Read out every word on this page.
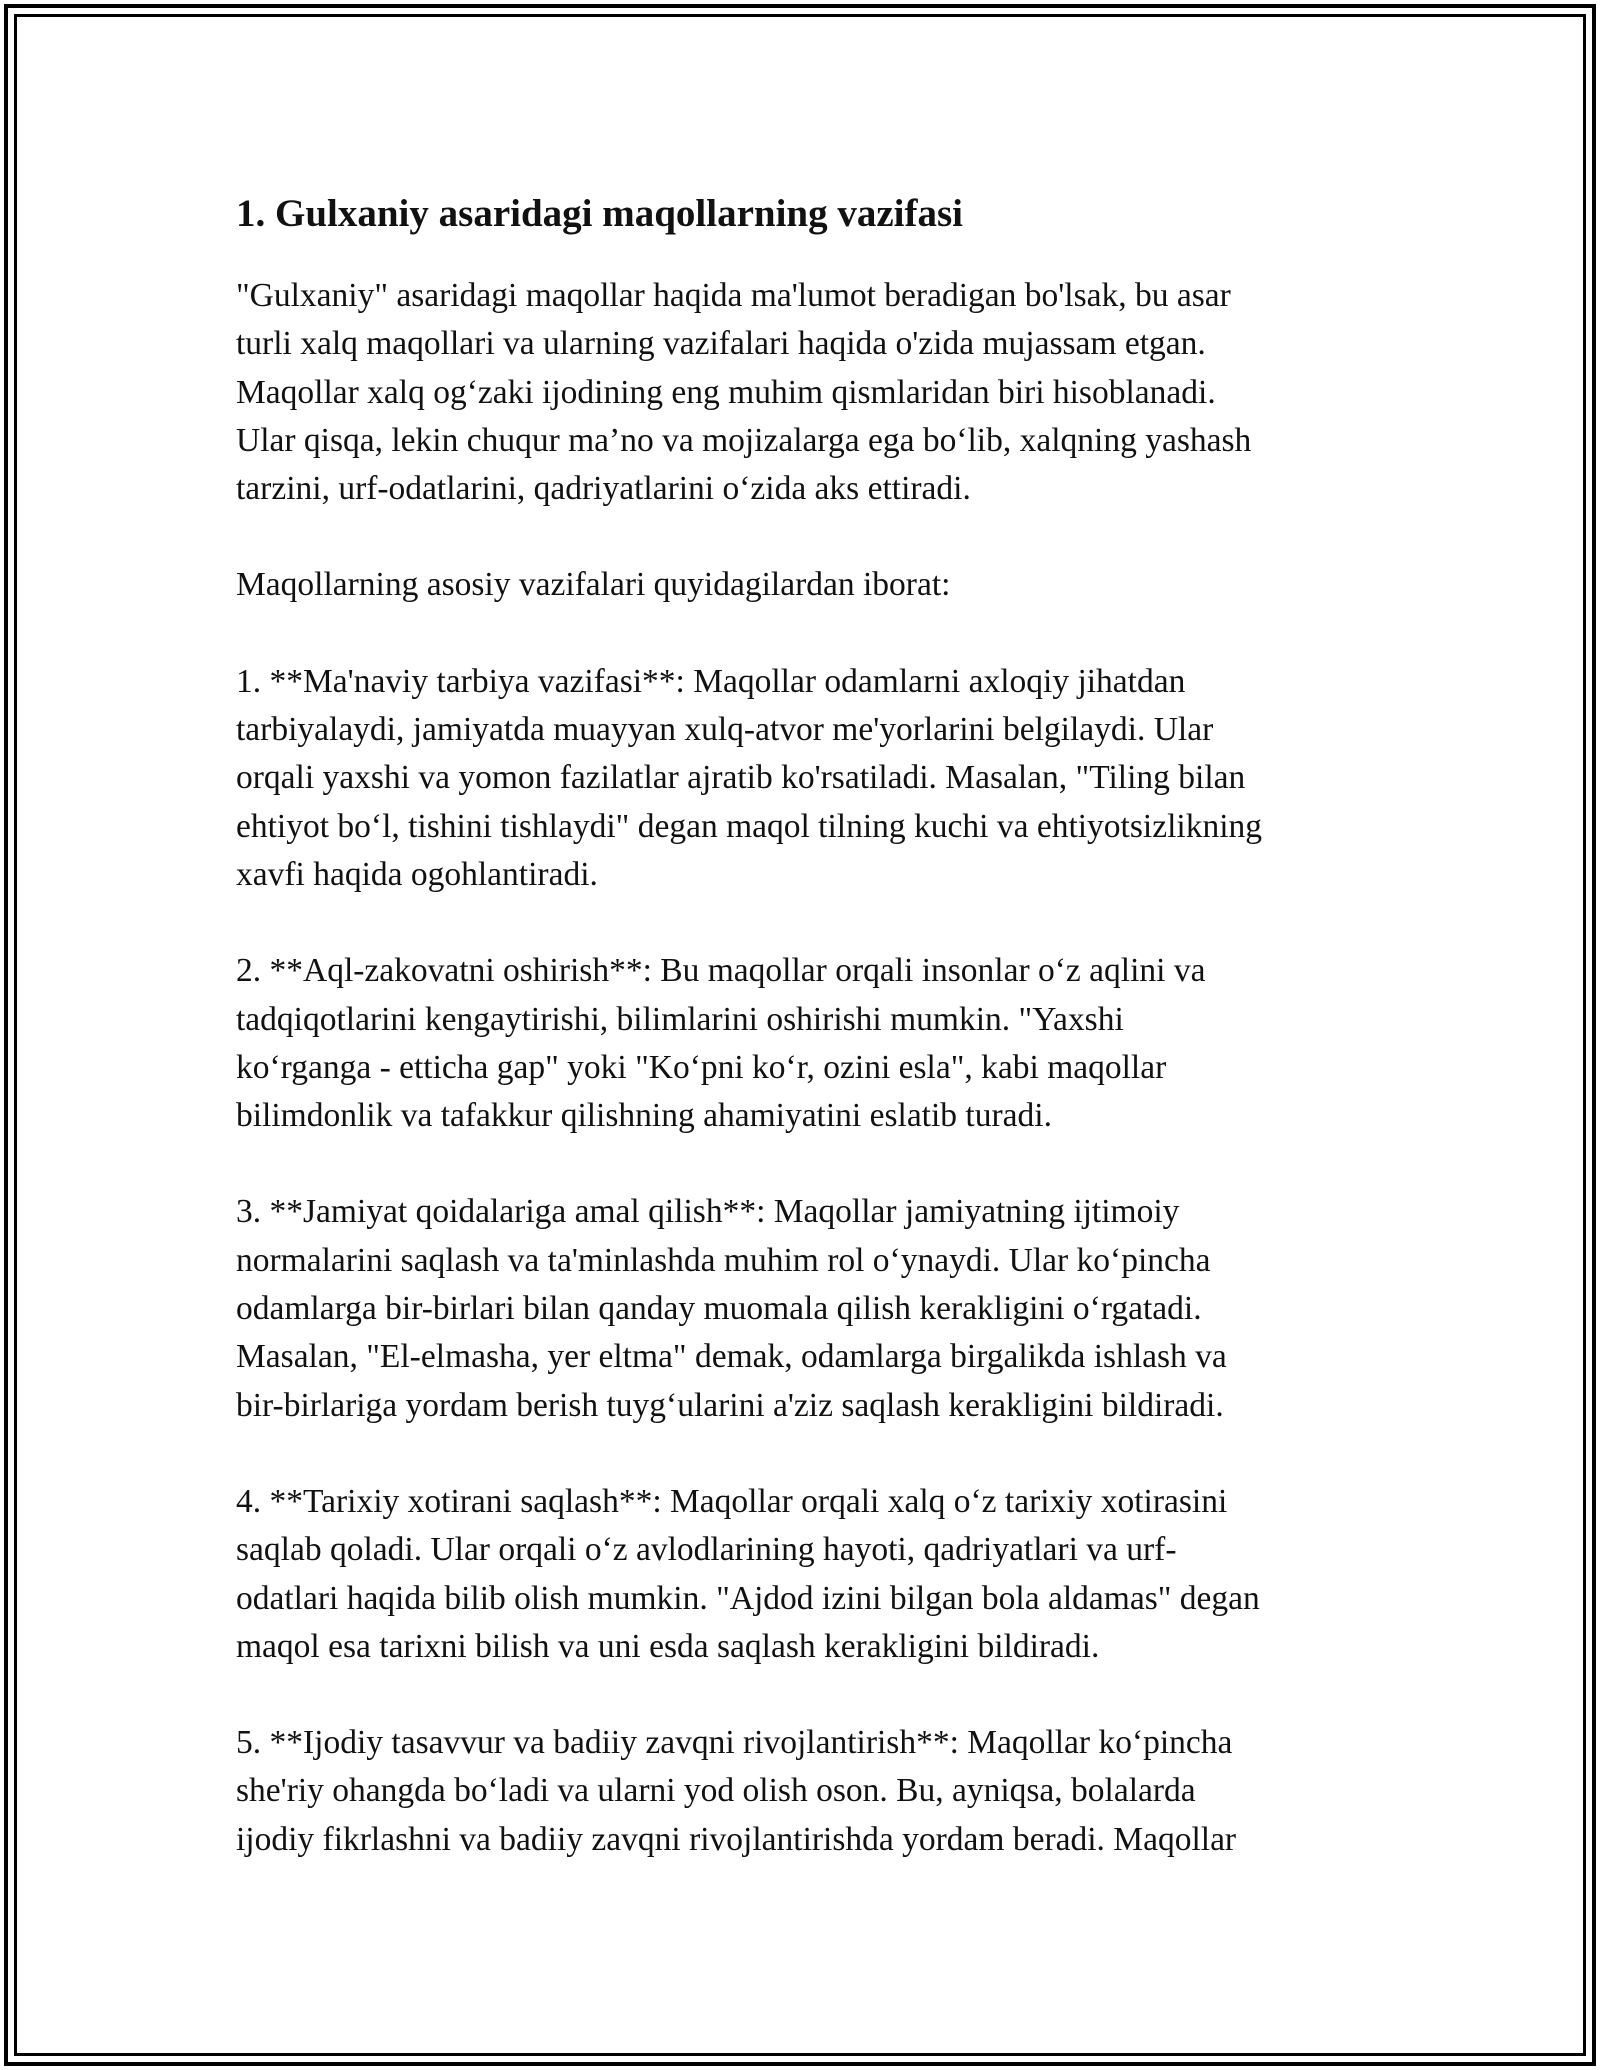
1. Gulxaniy asaridagi maqollarning vazifasi

"Gulxaniy" asaridagi maqollar haqida ma'lumot beradigan bo'lsak, bu asar
turli xalq maqollari va ularning vazifalari haqida o'zida mujassam etgan.
Maqollar xalq og‘zaki ijodining eng muhim qismlaridan biri hisoblanadi.
Ular qisqa, lekin chuqur ma’no va mojizalarga ega bo‘lib, xalqning yashash
tarzini, urf-odatlarini, qadriyatlarini o‘zida aks ettiradi.

Maqollarning asosiy vazifalari quyidagilardan iborat:

1. **Ma'naviy tarbiya vazifasi**: Maqollar odamlarni axloqiy jihatdan
tarbiyalaydi, jamiyatda muayyan xulq-atvor me'yorlarini belgilaydi. Ular
orqali yaxshi va yomon fazilatlar ajratib ko'rsatiladi. Masalan, "Tiling bilan
ehtiyot bo‘l, tishini tishlaydi" degan maqol tilning kuchi va ehtiyotsizlikning
xavfi haqida ogohlantiradi.

2. **Aql-zakovatni oshirish**: Bu maqollar orqali insonlar o‘z aqlini va
tadqiqotlarini kengaytirishi, bilimlarini oshirishi mumkin. "Yaxshi
ko‘rganga - etticha gap" yoki "Ko‘pni ko‘r, ozini esla", kabi maqollar
bilimdonlik va tafakkur qilishning ahamiyatini eslatib turadi.

3. **Jamiyat qoidalariga amal qilish**: Maqollar jamiyatning ijtimoiy
normalarini saqlash va ta'minlashda muhim rol o‘ynaydi. Ular ko‘pincha
odamlarga bir-birlari bilan qanday muomala qilish kerakligini o‘rgatadi.
Masalan, "El-elmasha, yer eltma" demak, odamlarga birgalikda ishlash va
bir-birlariga yordam berish tuyg‘ularini a'ziz saqlash kerakligini bildiradi.

4. **Tarixiy xotirani saqlash**: Maqollar orqali xalq o‘z tarixiy xotirasini
saqlab qoladi. Ular orqali o‘z avlodlarining hayoti, qadriyatlari va urf-
odatlari haqida bilib olish mumkin. "Ajdod izini bilgan bola aldamas" degan
maqol esa tarixni bilish va uni esda saqlash kerakligini bildiradi.

5. **Ijodiy tasavvur va badiiy zavqni rivojlantirish**: Maqollar ko‘pincha
she'riy ohangda bo‘ladi va ularni yod olish oson. Bu, ayniqsa, bolalarda
ijodiy fikrlashni va badiiy zavqni rivojlantirishda yordam beradi. Maqollar
